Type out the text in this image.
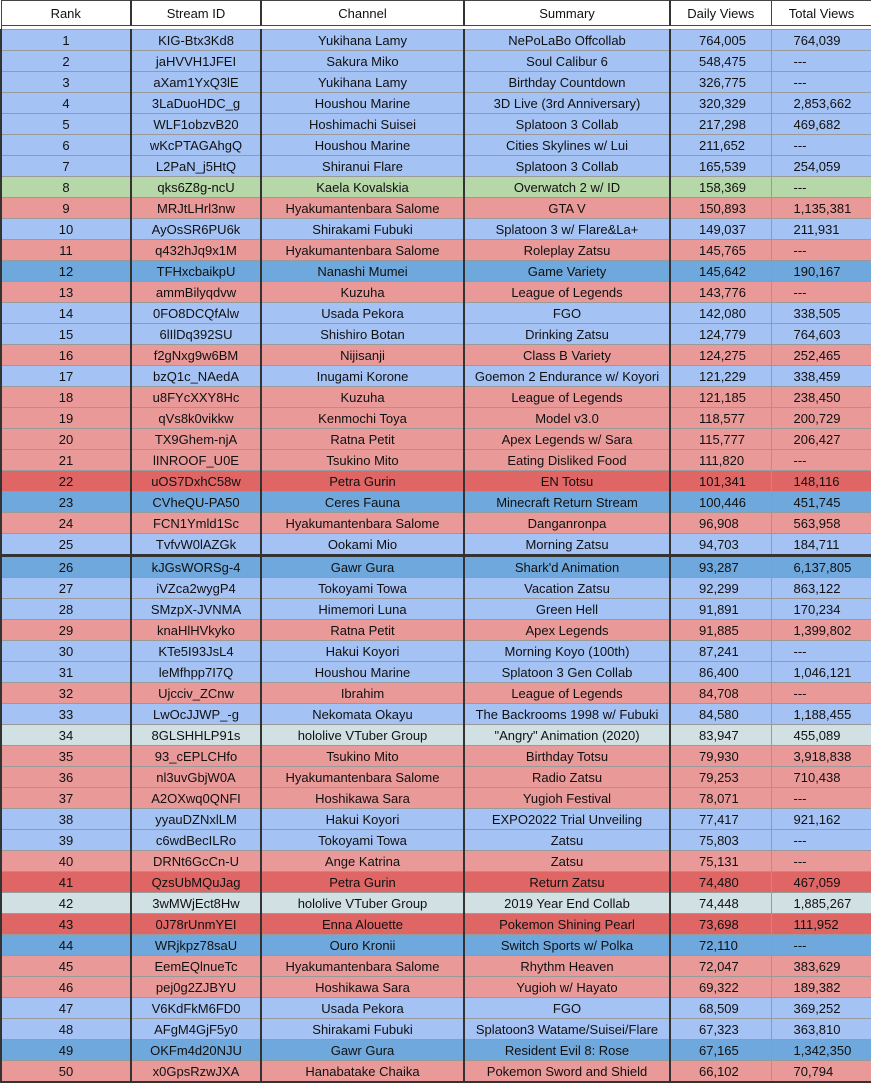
Rank	Stream ID	Channel	Summary	Daily Views	Total Views

1	KIG-Btx3Kd8	Yukihana Lamy	NePoLaBo Offcollab	764,005	764,039
2	jaHVVH1JFEI	Sakura Miko	Soul Calibur 6	548,475	---
3	aXam1YxQ3lE	Yukihana Lamy	Birthday Countdown	326,775	---
4	3LaDuoHDC_g	Houshou Marine	3D Live (3rd Anniversary)	320,329	2,853,662
5	WLF1obzvB20	Hoshimachi Suisei	Splatoon 3 Collab	217,298	469,682
6	wKcPTAGAhgQ	Houshou Marine	Cities Skylines w/ Lui	211,652	---
7	L2PaN_j5HtQ	Shiranui Flare	Splatoon 3 Collab	165,539	254,059
8	qks6Z8g-ncU	Kaela Kovalskia	Overwatch 2 w/ ID	158,369	---
9	MRJtLHrl3nw	Hyakumantenbara Salome	GTA V	150,893	1,135,381
10	AyOsSR6PU6k	Shirakami Fubuki	Splatoon 3 w/ Flare&La+	149,037	211,931
11	q432hJq9x1M	Hyakumantenbara Salome	Roleplay Zatsu	145,765	---
12	TFHxcbaikpU	Nanashi Mumei	Game Variety	145,642	190,167
13	ammBilyqdvw	Kuzuha	League of Legends	143,776	---
14	0FO8DCQfAlw	Usada Pekora	FGO	142,080	338,505
15	6lIlDq392SU	Shishiro Botan	Drinking Zatsu	124,779	764,603
16	f2gNxg9w6BM	Nijisanji	Class B Variety	124,275	252,465
17	bzQ1c_NAedA	Inugami Korone	Goemon 2 Endurance w/ Koyori	121,229	338,459
18	u8FYcXXY8Hc	Kuzuha	League of Legends	121,185	238,450
19	qVs8k0vikkw	Kenmochi Toya	Model v3.0	118,577	200,729
20	TX9Ghem-njA	Ratna Petit	Apex Legends w/ Sara	115,777	206,427
21	lINROOF_U0E	Tsukino Mito	Eating Disliked Food	111,820	---
22	uOS7DxhC58w	Petra Gurin	EN Totsu	101,341	148,116
23	CVheQU-PA50	Ceres Fauna	Minecraft Return Stream	100,446	451,745
24	FCN1Ymld1Sc	Hyakumantenbara Salome	Danganronpa	96,908	563,958
25	TvfvW0lAZGk	Ookami Mio	Morning Zatsu	94,703	184,711
26	kJGsWORSg-4	Gawr Gura	Shark'd Animation	93,287	6,137,805
27	iVZca2wygP4	Tokoyami Towa	Vacation Zatsu	92,299	863,122
28	SMzpX-JVNMA	Himemori Luna	Green Hell	91,891	170,234
29	knaHlHVkyko	Ratna Petit	Apex Legends	91,885	1,399,802
30	KTe5I93JsL4	Hakui Koyori	Morning Koyo (100th)	87,241	---
31	leMfhpp7I7Q	Houshou Marine	Splatoon 3 Gen Collab	86,400	1,046,121
32	Ujcciv_ZCnw	Ibrahim	League of Legends	84,708	---
33	LwOcJJWP_-g	Nekomata Okayu	The Backrooms 1998 w/ Fubuki	84,580	1,188,455
34	8GLSHHLP91s	hololive VTuber Group	"Angry" Animation (2020)	83,947	455,089
35	93_cEPLCHfo	Tsukino Mito	Birthday Totsu	79,930	3,918,838
36	nl3uvGbjW0A	Hyakumantenbara Salome	Radio Zatsu	79,253	710,438
37	A2OXwq0QNFI	Hoshikawa Sara	Yugioh Festival	78,071	---
38	yyauDZNxlLM	Hakui Koyori	EXPO2022 Trial Unveiling	77,417	921,162
39	c6wdBecILRo	Tokoyami Towa	Zatsu	75,803	---
40	DRNt6GcCn-U	Ange Katrina	Zatsu	75,131	---
41	QzsUbMQuJag	Petra Gurin	Return Zatsu	74,480	467,059
42	3wMWjEct8Hw	hololive VTuber Group	2019 Year End Collab	74,448	1,885,267
43	0J78rUnmYEI	Enna Alouette	Pokemon Shining Pearl	73,698	111,952
44	WRjkpz78saU	Ouro Kronii	Switch Sports w/ Polka	72,110	---
45	EemEQlnueTc	Hyakumantenbara Salome	Rhythm Heaven	72,047	383,629
46	pej0g2ZJBYU	Hoshikawa Sara	Yugioh w/ Hayato	69,322	189,382
47	V6KdFkM6FD0	Usada Pekora	FGO	68,509	369,252
48	AFgM4GjF5y0	Shirakami Fubuki	Splatoon3 Watame/Suisei/Flare	67,323	363,810
49	OKFm4d20NJU	Gawr Gura	Resident Evil 8: Rose	67,165	1,342,350
50	x0GpsRzwJXA	Hanabatake Chaika	Pokemon Sword and Shield	66,102	70,794
